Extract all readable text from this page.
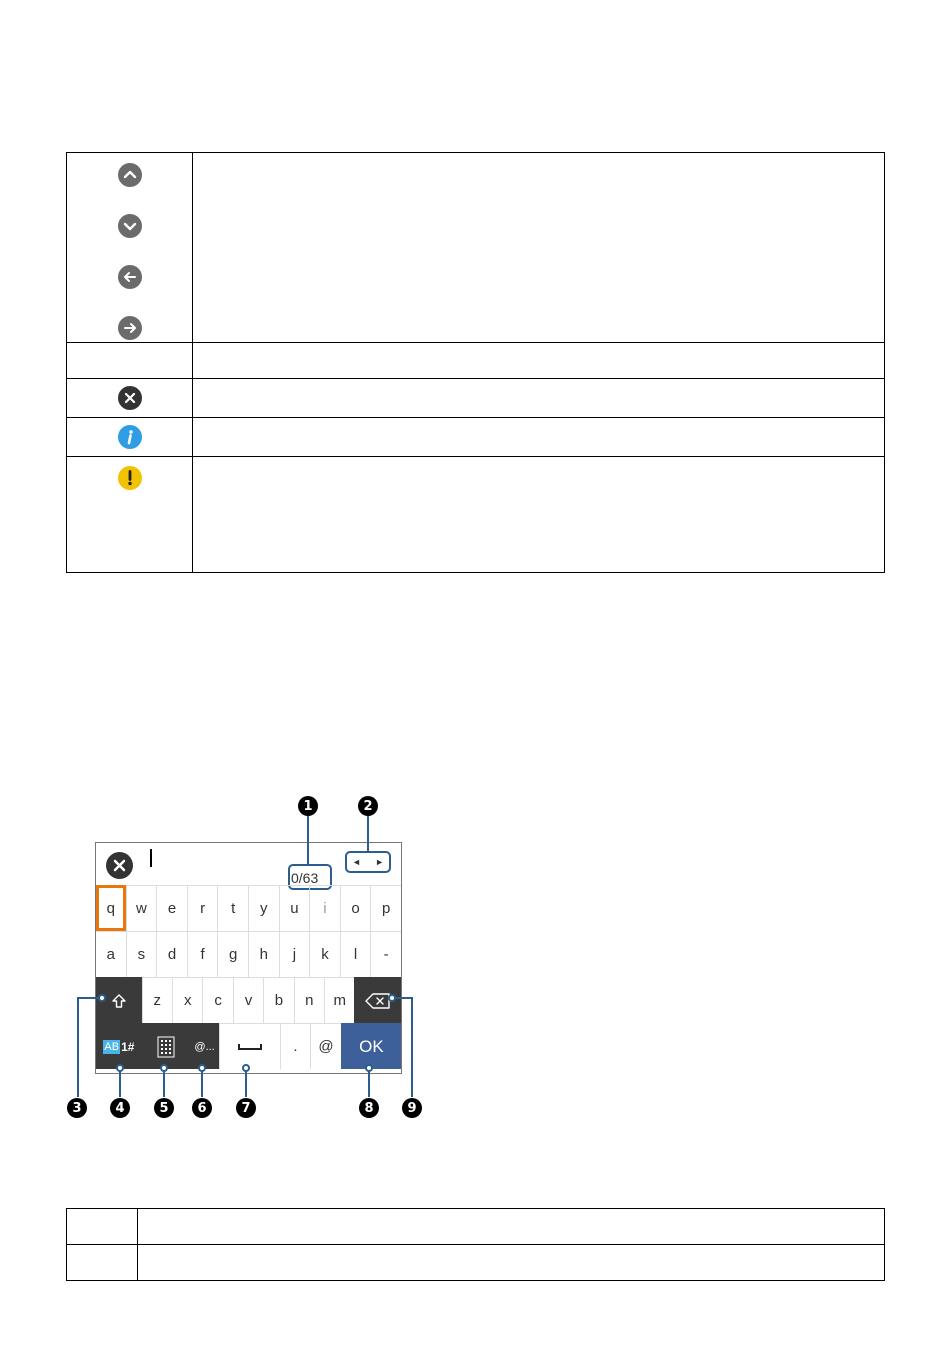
0/63
◄ ►
q	w	e	r	t	y	u	i	o	p
a	s	d	f	g	h	j	k	l	-
z	x	c	v	b	n	m
AB 1#	@...	.	@	OK
1	2
3	4	5	6	7	8	9
